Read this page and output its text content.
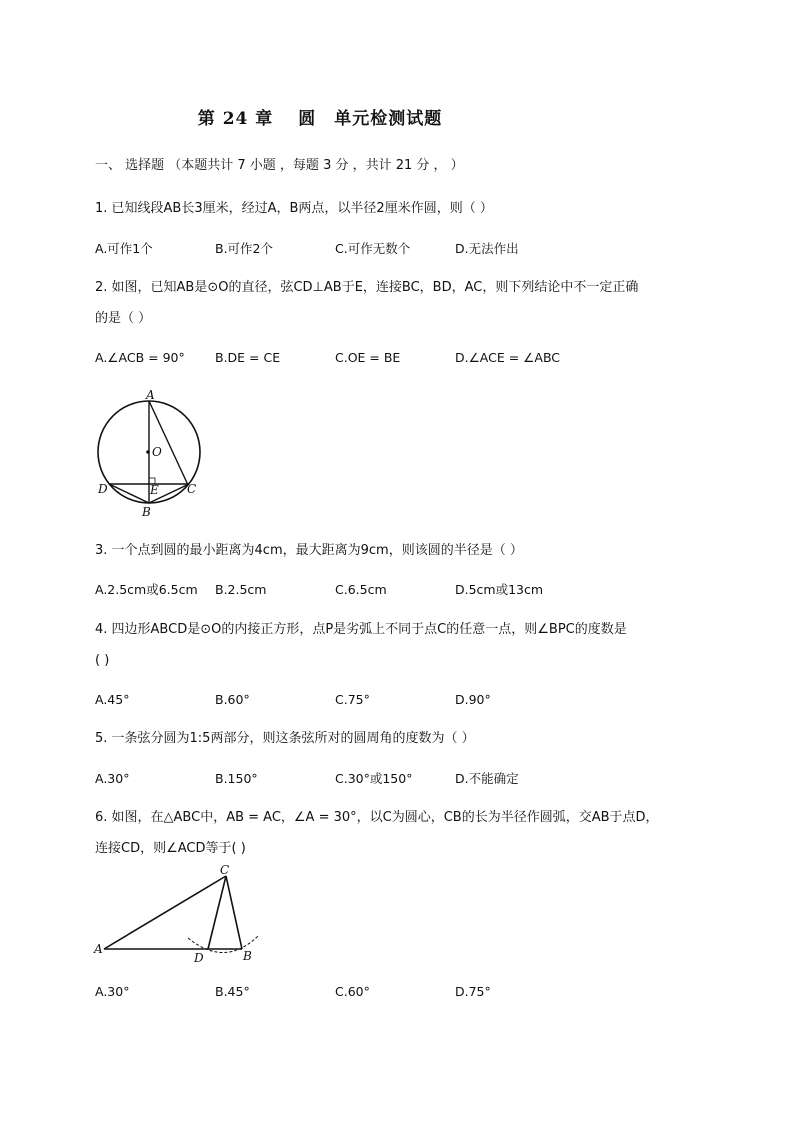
第 24 章　 圆　单元检测试题
一、 选择题 （本题共计 7 小题 ，每题 3 分 ，共计 21 分 ， ）
1. 已知线段AB长3厘米，经过A，B两点，以半径2厘米作圆，则（ ）
A.可作1个	B.可作2个	C.可作无数个	D.无法作出
2. 如图，已知AB是⊙O的直径，弦CD⊥AB于E，连接BC，BD，AC，则下列结论中不一定正确
的是（ ）
A.∠ACB = 90° B.DE = CE	C.OE = BE	D.∠ACE = ∠ABC
A
O
D	E C
B
3. 一个点到圆的最小距离为4cm，最大距离为9cm，则该圆的半径是（ ）
A.2.5cm或6.5cm B.2.5cm	C.6.5cm	D.5cm或13cm
4. 四边形ABCD是⊙O的内接正方形，点P是劣弧上不同于点C的任意一点，则∠BPC的度数是
( )
A.45°	B.60°	C.75°	D.90°
5. 一条弦分圆为1:5两部分，则这条弦所对的圆周角的度数为（ ）
A.30°	B.150°	C.30°或150°	D.不能确定
6. 如图，在△ABC中，AB = AC，∠A = 30°，以C为圆心，CB的长为半径作圆弧，交AB于点D，
连接CD，则∠ACD等于( )
C
A
D	B
A.30°	B.45°	C.60°	D.75°
